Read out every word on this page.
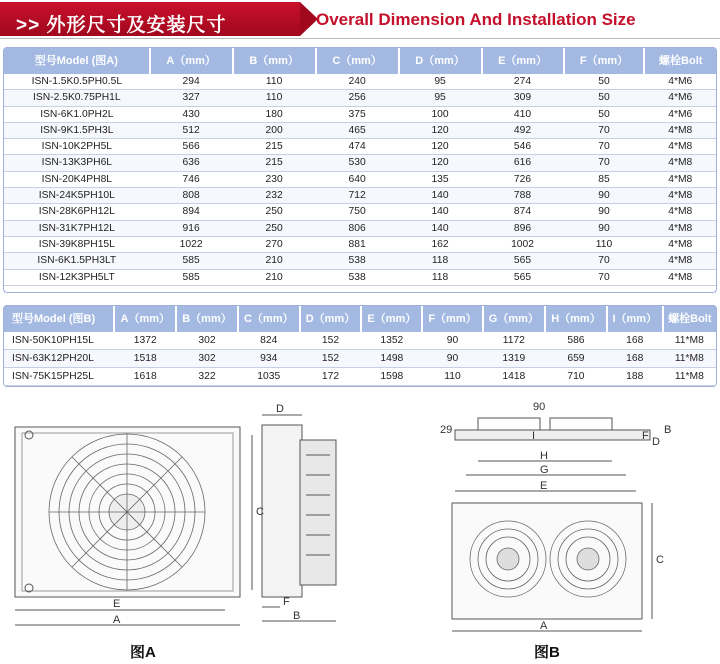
>> 外形尺寸及安装尺寸	Overall Dimension And Installation Size
型号Model (图A)	A（mm）	B（mm）	C（mm）	D（mm）	E（mm）	F（mm）	螺栓Bolt
ISN-1.5K0.5PH0.5L	294	110	240	95	274	50	4*M6
ISN-2.5K0.75PH1L	327	110	256	95	309	50	4*M6
ISN-6K1.0PH2L	430	180	375	100	410	50	4*M6
ISN-9K1.5PH3L	512	200	465	120	492	70	4*M8
ISN-10K2PH5L	566	215	474	120	546	70	4*M8
ISN-13K3PH6L	636	215	530	120	616	70	4*M8
ISN-20K4PH8L	746	230	640	135	726	85	4*M8
ISN-24K5PH10L	808	232	712	140	788	90	4*M8
ISN-28K6PH12L	894	250	750	140	874	90	4*M8
ISN-31K7PH12L	916	250	806	140	896	90	4*M8
ISN-39K8PH15L	1022	270	881	162	1002	110	4*M8
ISN-6K1.5PH3LT	585	210	538	118	565	70	4*M8
ISN-12K3PH5LT	585	210	538	118	565	70	4*M8
型号Model (图B)	A（mm）	B（mm）	C（mm）	D（mm）	E（mm）	F（mm）	G（mm）	H（mm）	I（mm）	螺栓Bolt
ISN-50K10PH15L	1372	302	824	152	1352	90	1172	586	168	11*M8
ISN-63K12PH20L	1518	302	934	152	1498	90	1319	659	168	11*M8
ISN-75K15PH25L	1618	322	1035	172	1598	110	1418	710	188	11*M8
D
C
E
A
F
B
90
29	I	F B
D
H
G
E
C
A
图A	图B
